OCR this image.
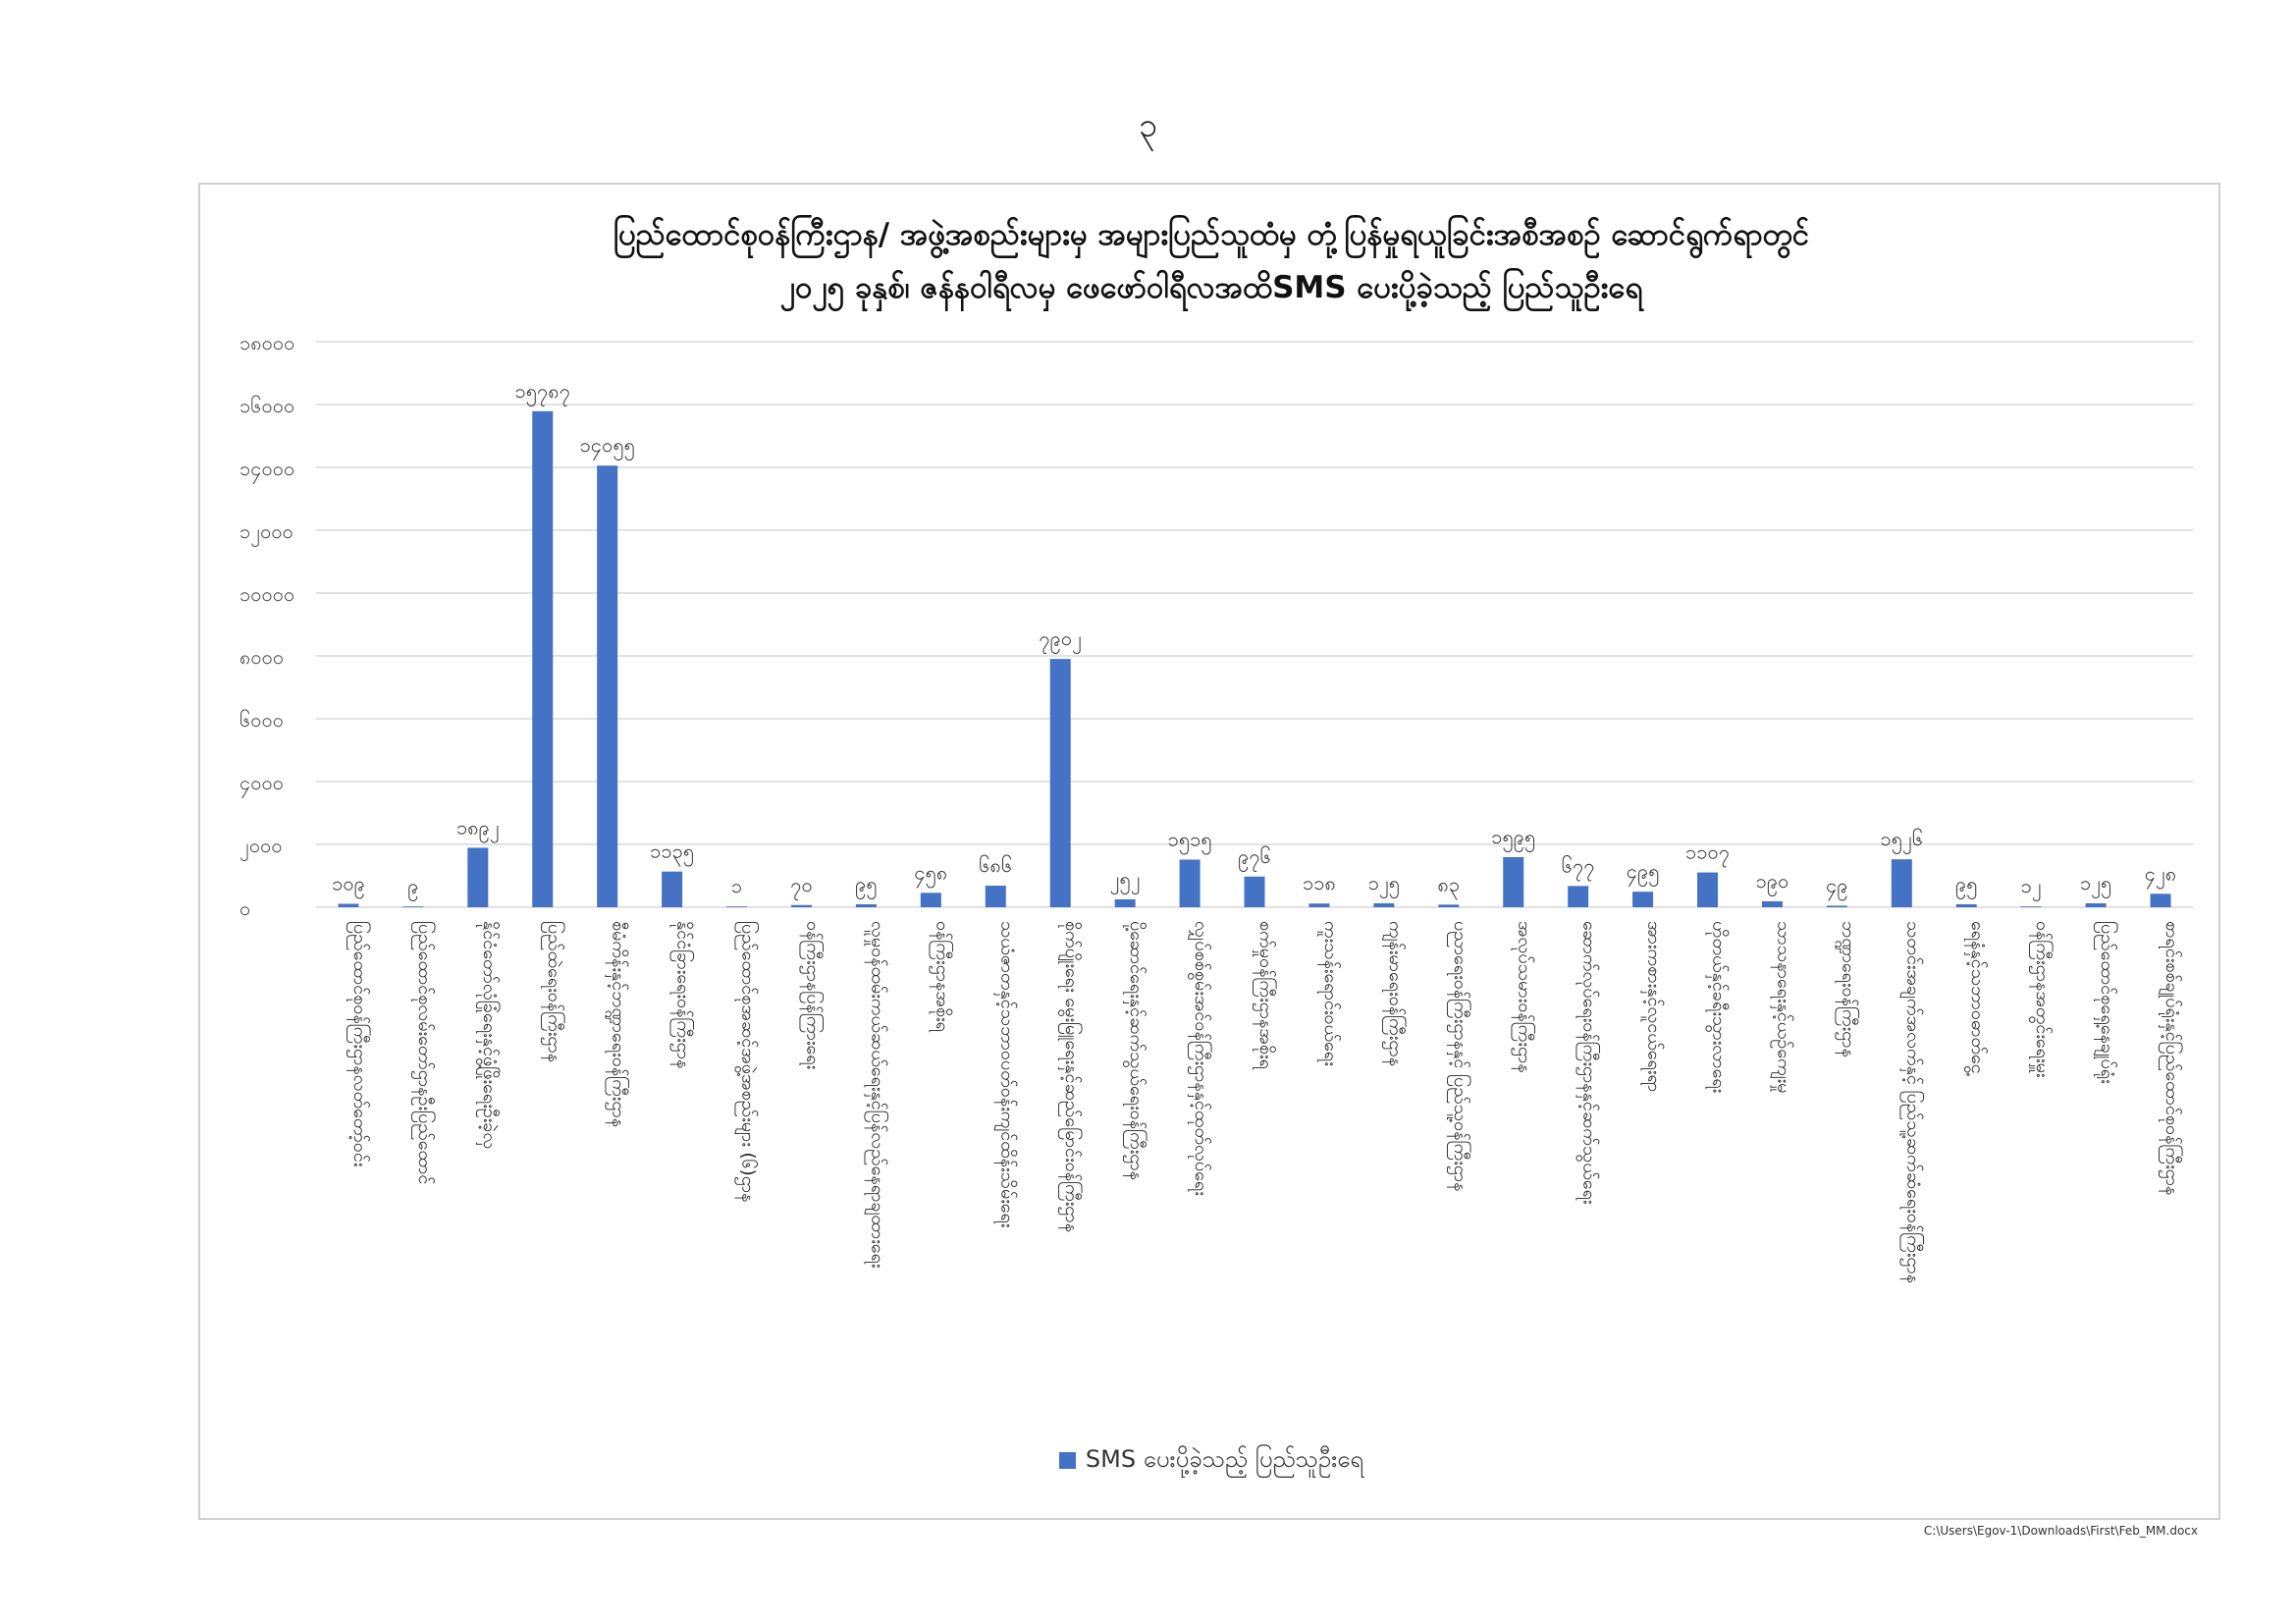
၃
ပြည်ထောင်စုဝန်ကြီးဌာန/ အဖွဲ့အစည်းများမှ အများပြည်သူထံမှ တုံ့ပြန်မှုရယူခြင်းအစီအစဉ် ဆောင်ရွက်ရာတွင်
၂၀၂၅ ခုနှစ်၊ ဇန်နဝါရီလမှ ဖေဖော်ဝါရီလအထိSMS ပေးပို့ခဲ့သည့် ပြည်သူဦးရေ
၀
၂၀၀၀
၄၀၀၀
၆၀၀၀
၈၀၀၀
၁၀၀၀၀
၁၂၀၀၀
၁၄၀၀၀
၁၆၀၀၀
၁၈၀၀၀
၁၀၉ ၉
၁၈၉၂
၁၅၇၈၇
၁၄၀၅၅
၁၁၃၅
၁ ၇၀ ၉၅ ၄၅၈ ၆၈၆
၇၉၀၂
၂၅၂
၁၅၁၅
၉၇၆
၁၁၈ ၁၂၅ ၈၃
၁၅၉၅
၆၇၇ ၄၉၅
၁၁၀၇
၁၉၀ ၄၉
၁၅၂၆
၉၅ ၁၂ ၁၂၅ ၄၂၈
ပြည်ထောင်စုဝန်ကြီးဌာနလတ်တော့်ဝင်း ပြည်ထောင်စုလမ်းတော်ဌာနဦးပြည်ထောင် နိုင်ငံတော်လုံခြုံရေးနှင့်ဖွံ့ဖြိုးရေးဦးခဲ့လှ ပြည်ထဲရေးဝန်ကြီးဌာန စီမံကိန်းနှင့်ဘဏ္ဍာရေးဝန်ကြီးဌာန နိုင်ငံခြားရေးဝန်ကြီးဌာန ပြည်ထောင်စုအဆင့်အဖွဲ့အစည်းများ (၆)ဌာန ဝန်ကြီးဌာနပြန်ကြားရေး လူမှုဝန်ထမ်းကယ်ဆယ်ရေးနှင့်ပြန်လည်နေရာချထားရေး ဝန်ကြီးဌာနအစိုးရ သယံဇာတနှင့်သဘာဝပတ်ဝန်းကျင်ထိန်းသိမ်းရေး စိုက်ပျိုးရေး မွေးမြူရေးနှင့်ဆည်မြောင်းဝန်ကြီးဌာန ပို့ဆောင်ရေးနှင့်ဆက်သွယ်ရေးဝန်ကြီးဌာန လျှပ်စစ်စွမ်းအင်ဝန်ကြီးဌာနနှင့်ထုတ်လုပ်ရေး စက်မှုဝန်ကြီးဌာနအစိုးရ ကူးသန်းရောင်းဝယ်ရေး ကျန်းမာရေးဝန်ကြီးဌာန ပညာရေးဝန်ကြီးဌာနနှင့် ပြည်သူ့ဝန်ကြီးဌာန အလုပ်သမားဝန်ကြီးဌာန ဆောက်လုပ်ရေးဝန်ကြီးဌာနနှင့်ဆက်သွယ်ရေး အားကစားနှင့်လူငယ်ရေးရာ ဟိုတယ်နှင့်ခရီးသွားလာရေး သာသနာရေးနှင့်ယဉ်ကျေးမှု ဘဏ္ဍာရေးဝန်ကြီးဌာန သတင်းအချက်အလက်နှင့် ပြည်သူ့ဆက်ဆံရေးဝန်ကြီးဌာန ရေနံနှင့်သဘာဝဓာတ်ငွေ့ ဝန်ကြီးဌာနအတွင်းရေးမှူး ပြည်ထောင်စုရှေ့နေချုပ်ရုံး စာရင်းစစ်ချုပ်ရုံးနှင့်ပြည်ထောင်စုဝန်ကြီးဌာန
SMS ပေးပို့ခဲ့သည့် ပြည်သူဦးရေ
C:\Users\Egov-1\Downloads\First\Feb_MM.docx
